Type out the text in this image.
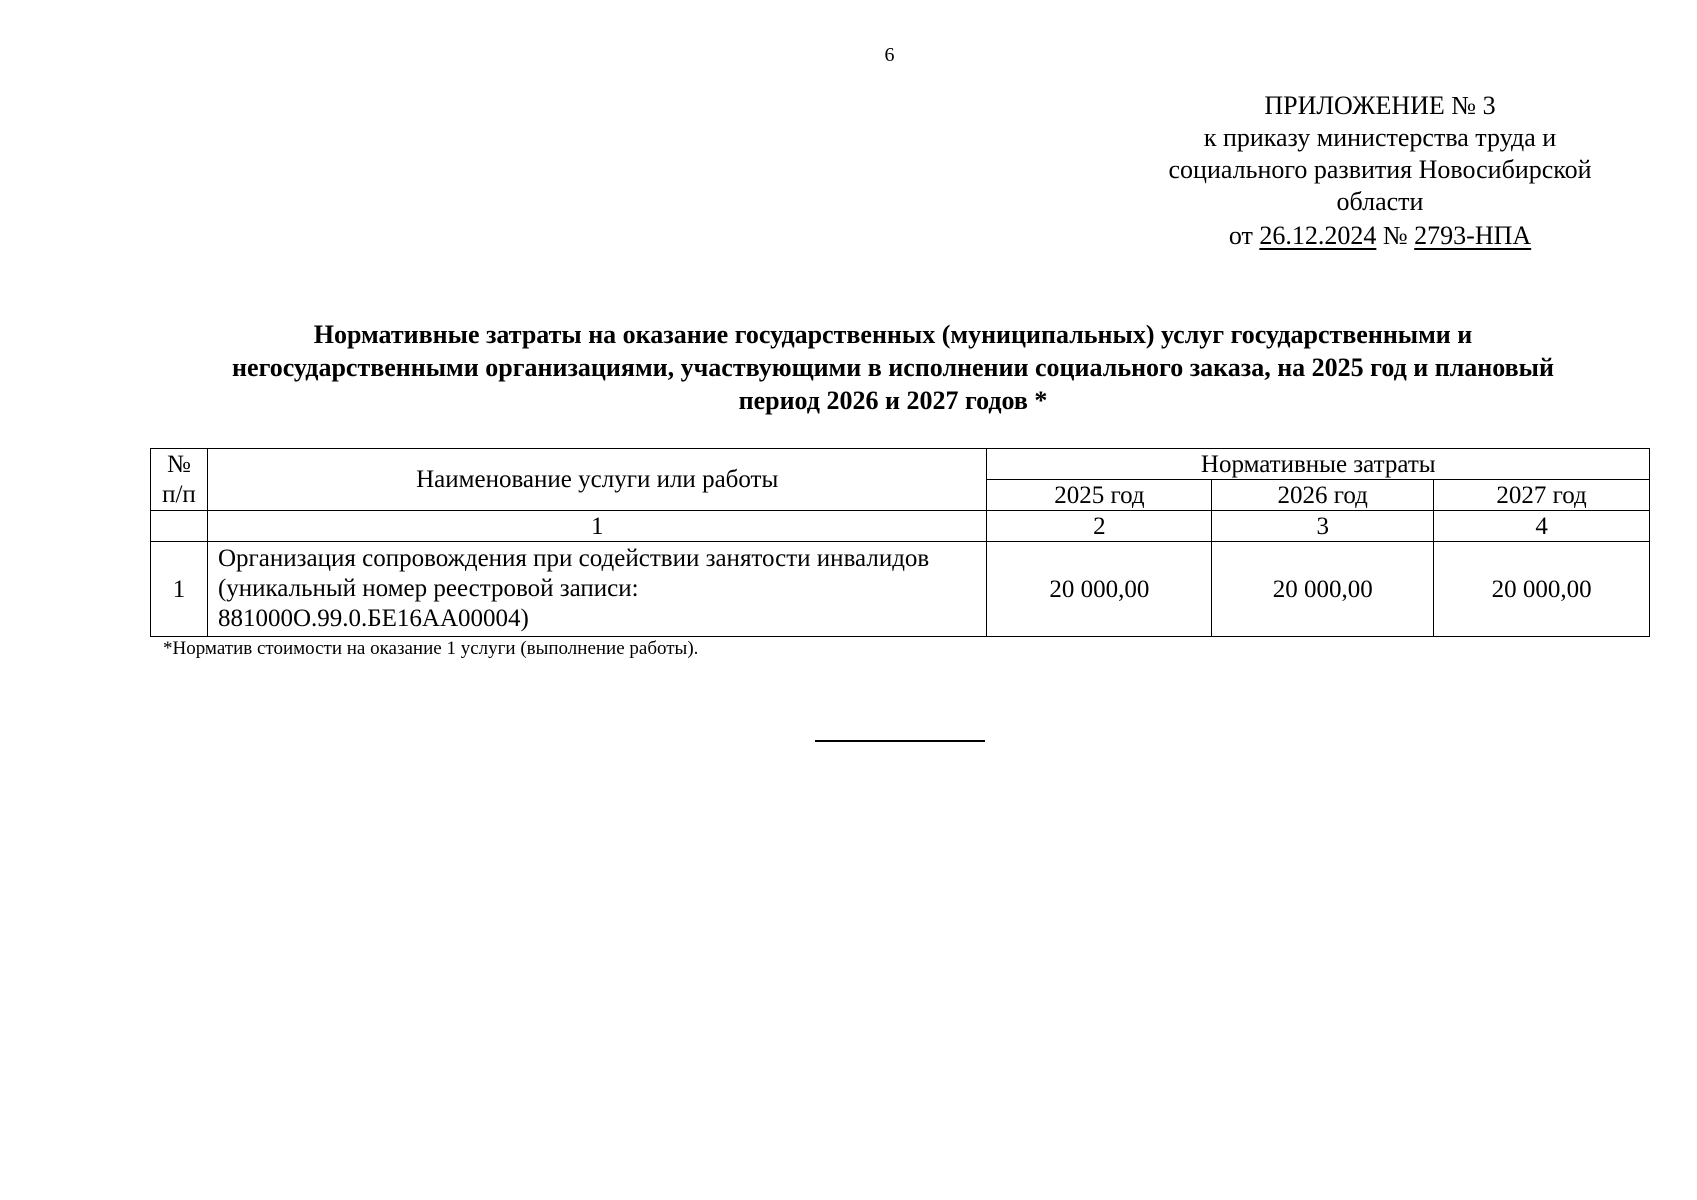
6
ПРИЛОЖЕНИЕ № 3
к приказу министерства труда и
социального развития Новосибирской
области
от 26.12.2024 № 2793-НПА
Нормативные затраты на оказание государственных (муниципальных) услуг государственными и
негосударственными организациями, участвующими в исполнении социального заказа, на 2025 год и плановый
период 2026 и 2027 годов *
№
п/п	Наименование услуги или работы	Нормативные затраты		
		2025 год	2026 год	2027 год
	1	2	3	4
1	Организация сопровождения при содействии занятости инвалидов
(уникальный номер реестровой записи:
881000О.99.0.БЕ16АА00004)	20 000,00	20 000,00	20 000,00
*Норматив стоимости на оказание 1 услуги (выполнение работы).
